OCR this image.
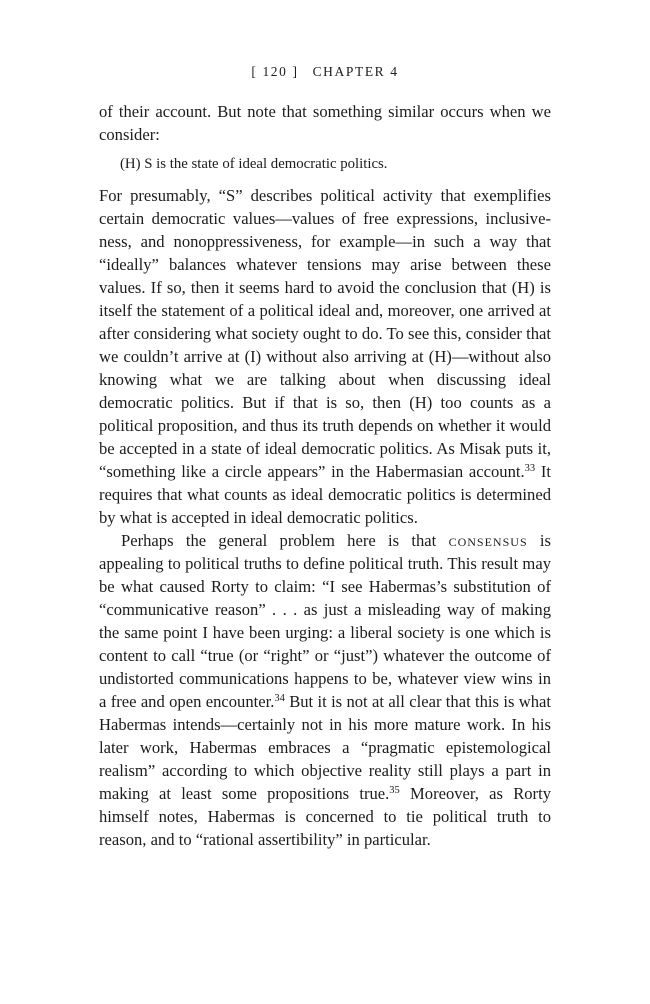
[ 120 ] CHAPTER 4

of their account. But note that something similar occurs when we consider:

(H) S is the state of ideal democratic politics.

For presumably, “S” describes political activity that exemplifies certain democratic values—values of free expressions, inclusiveness, and nonoppressiveness, for example—in such a way that “ideally” balances whatever tensions may arise between these values. If so, then it seems hard to avoid the conclusion that (H) is itself the statement of a political ideal and, moreover, one arrived at after considering what society ought to do. To see this, consider that we couldn’t arrive at (I) without also arriving at (H)—without also knowing what we are talking about when discussing ideal democratic politics. But if that is so, then (H) too counts as a political proposition, and thus its truth depends on whether it would be accepted in a state of ideal democratic politics. As Misak puts it, “something like a circle appears” in the Habermasian account.$^{33}$ It requires that what counts as ideal democratic politics is determined by what is accepted in ideal democratic politics.

Perhaps the general problem here is that consensus is appealing to political truths to define political truth. This result may be what caused Rorty to claim: “I see Habermas’s substitution of “communicative reason” . . . as just a misleading way of making the same point I have been urging: a liberal society is one which is content to call “true (or “right” or “just”) whatever the outcome of undistorted communications happens to be, whatever view wins in a free and open encounter.$^{34}$ But it is not at all clear that this is what Habermas intends—certainly not in his more mature work. In his later work, Habermas embraces a “pragmatic epistemological realism” according to which objective reality still plays a part in making at least some propositions true.$^{35}$ Moreover, as Rorty himself notes, Habermas is concerned to tie political truth to reason, and to “rational assertibility” in particular.
